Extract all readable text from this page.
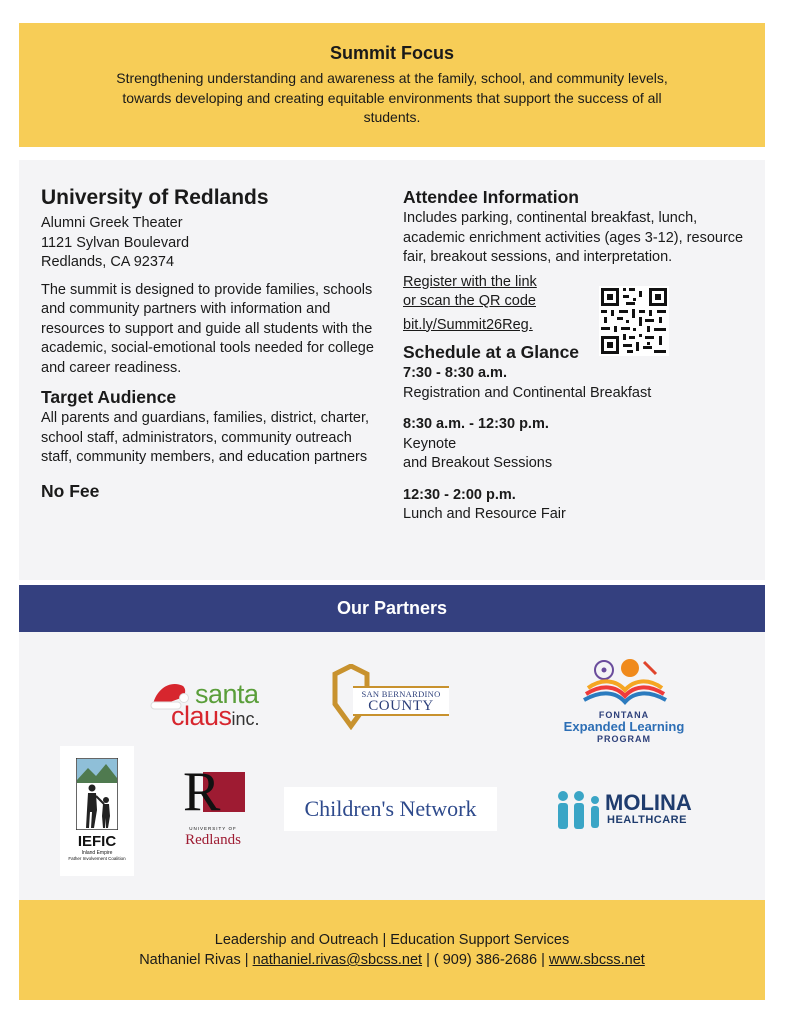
Summit Focus

Strengthening understanding and awareness at the family, school, and community levels, towards developing and creating equitable environments that support the success of all students.

University of Redlands
Alumni Greek Theater
1121 Sylvan Boulevard
Redlands, CA 92374
The summit is designed to provide families, schools and community partners with information and resources to support and guide all students with the academic, social-emotional tools needed for college and career readiness.
Target Audience
All parents and guardians, families, district, charter, school staff, administrators, community outreach staff, community members, and education partners
No Fee
Attendee Information
Includes parking, continental breakfast, lunch, academic enrichment activities (ages 3-12), resource fair, breakout sessions, and interpretation.
Register with the link
or scan the QR code
bit.ly/Summit26Reg.
Schedule at a Glance
7:30 - 8:30 a.m.
Registration and Continental Breakfast
8:30 a.m. - 12:30 p.m.
Keynote
and Breakout Sessions
12:30 - 2:00 p.m.
Lunch and Resource Fair
Our Partners
santa
clausinc.
SAN BERNARDINO
COUNTY
FONTANA
Expanded Learning
PROGRAM
IEFIC
Inland Empire
Father Involvement Coalition
R
UNIVERSITY OF
Redlands
Children's Network	MOLINA
HEALTHCARE
Leadership and Outreach | Education Support Services
Nathaniel Rivas | nathaniel.rivas@sbcss.net | ( 909) 386-2686 | www.sbcss.net
